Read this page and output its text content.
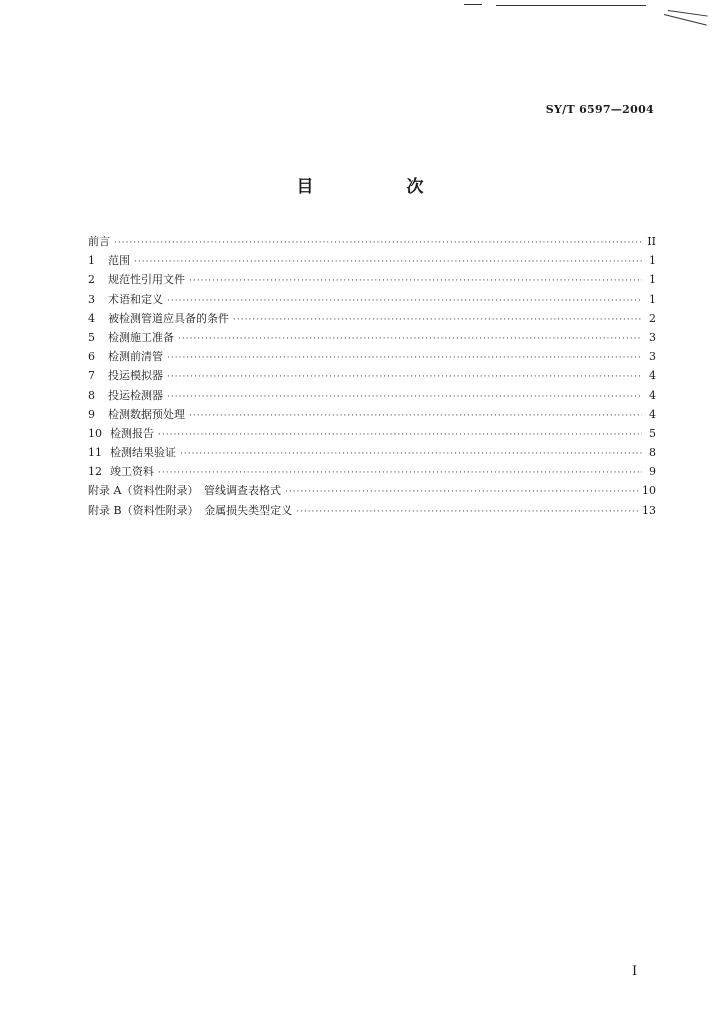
SY/T 6597—2004
目　次
前言 ·····	II
1	范围 ·····	1
2	规范性引用文件 ·····	1
3	术语和定义 ·····	1
4	被检测管道应具备的条件 ·····	2
5	检测施工准备 ·····	3
6	检测前清管 ·····	3
7	投运模拟器 ·····	4
8	投运检测器 ·····	4
9	检测数据预处理 ·····	4
10 检测报告 ·····	5
11 检测结果验证 ·····	8
12 竣工资料 ·····	9
附录 A（资料性附录）　管线调查表格式 ·····	10
附录 B（资料性附录）　金属损失类型定义 ·····	13
I
